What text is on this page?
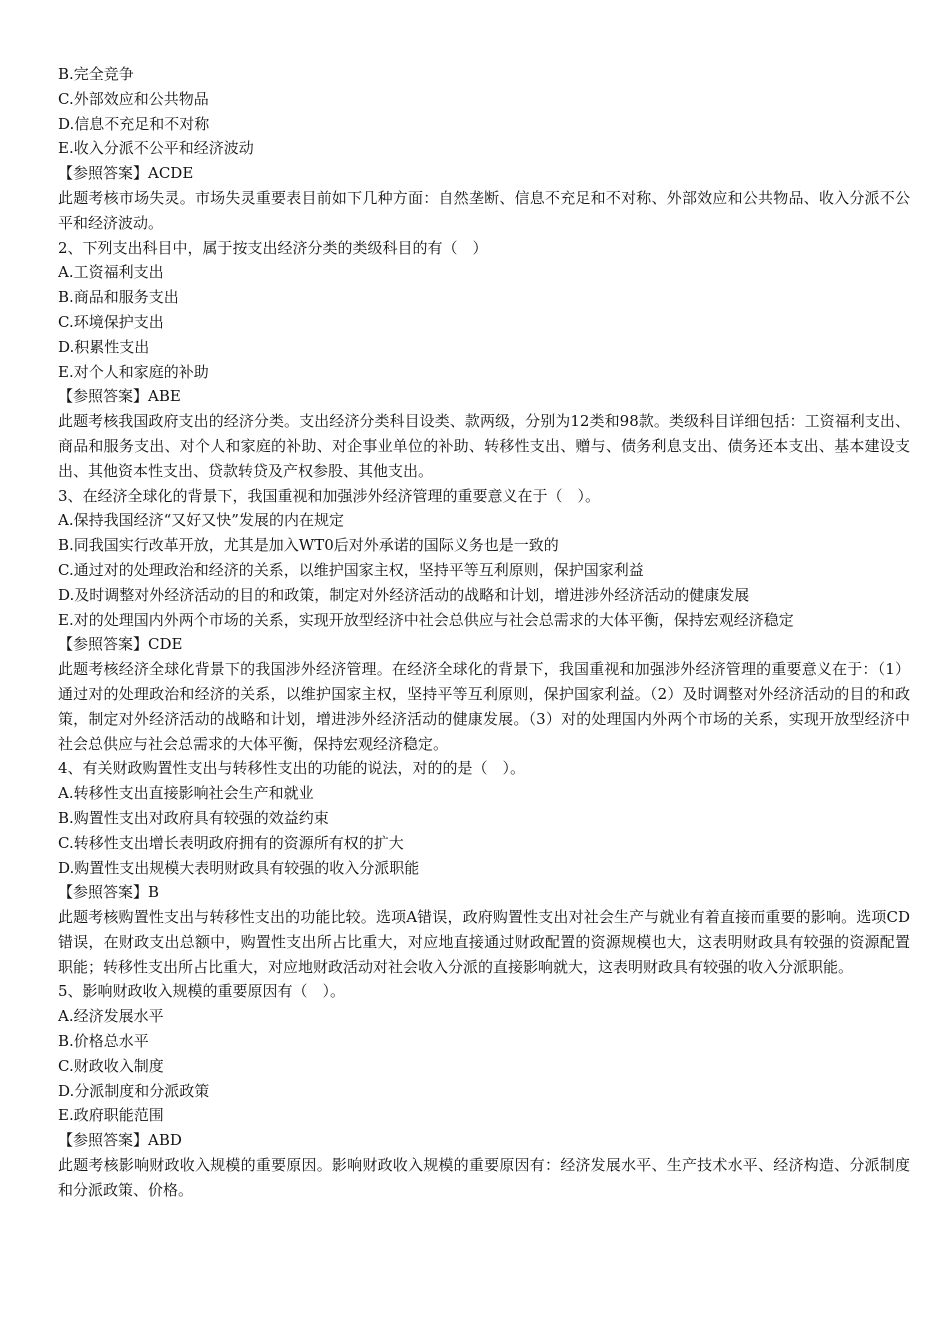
B.完全竞争
C.外部效应和公共物品
D.信息不充足和不对称
E.收入分派不公平和经济波动
【参照答案】ACDE
此题考核市场失灵。市场失灵重要表目前如下几种方面：自然垄断、信息不充足和不对称、外部效应和公共物品、收入分派不公平和经济波动。
2、下列支出科目中，属于按支出经济分类的类级科目的有（　）
A.工资福利支出
B.商品和服务支出
C.环境保护支出
D.积累性支出
E.对个人和家庭的补助
【参照答案】ABE
此题考核我国政府支出的经济分类。支出经济分类科目设类、款两级，分别为12类和98款。类级科目详细包括：工资福利支出、商品和服务支出、对个人和家庭的补助、对企事业单位的补助、转移性支出、赠与、债务利息支出、债务还本支出、基本建设支出、其他资本性支出、贷款转贷及产权参股、其他支出。
3、在经济全球化的背景下，我国重视和加强涉外经济管理的重要意义在于（　）。
A.保持我国经济“又好又快”发展的内在规定
B.同我国实行改革开放，尤其是加入WT0后对外承诺的国际义务也是一致的
C.通过对的处理政治和经济的关系，以维护国家主权，坚持平等互利原则，保护国家利益
D.及时调整对外经济活动的目的和政策，制定对外经济活动的战略和计划，增进涉外经济活动的健康发展
E.对的处理国内外两个市场的关系，实现开放型经济中社会总供应与社会总需求的大体平衡，保持宏观经济稳定
【参照答案】CDE
此题考核经济全球化背景下的我国涉外经济管理。在经济全球化的背景下，我国重视和加强涉外经济管理的重要意义在于：（1）通过对的处理政治和经济的关系，以维护国家主权，坚持平等互利原则，保护国家利益。（2）及时调整对外经济活动的目的和政策，制定对外经济活动的战略和计划，增进涉外经济活动的健康发展。（3）对的处理国内外两个市场的关系，实现开放型经济中社会总供应与社会总需求的大体平衡，保持宏观经济稳定。
4、有关财政购置性支出与转移性支出的功能的说法，对的的是（　）。
A.转移性支出直接影响社会生产和就业
B.购置性支出对政府具有较强的效益约束
C.转移性支出增长表明政府拥有的资源所有权的扩大
D.购置性支出规模大表明财政具有较强的收入分派职能
【参照答案】B
此题考核购置性支出与转移性支出的功能比较。选项A错误，政府购置性支出对社会生产与就业有着直接而重要的影响。选项CD错误，在财政支出总额中，购置性支出所占比重大，对应地直接通过财政配置的资源规模也大，这表明财政具有较强的资源配置职能；转移性支出所占比重大，对应地财政活动对社会收入分派的直接影响就大，这表明财政具有较强的收入分派职能。
5、影响财政收入规模的重要原因有（　）。
A.经济发展水平
B.价格总水平
C.财政收入制度
D.分派制度和分派政策
E.政府职能范围
【参照答案】ABD
此题考核影响财政收入规模的重要原因。影响财政收入规模的重要原因有：经济发展水平、生产技术水平、经济构造、分派制度和分派政策、价格。
